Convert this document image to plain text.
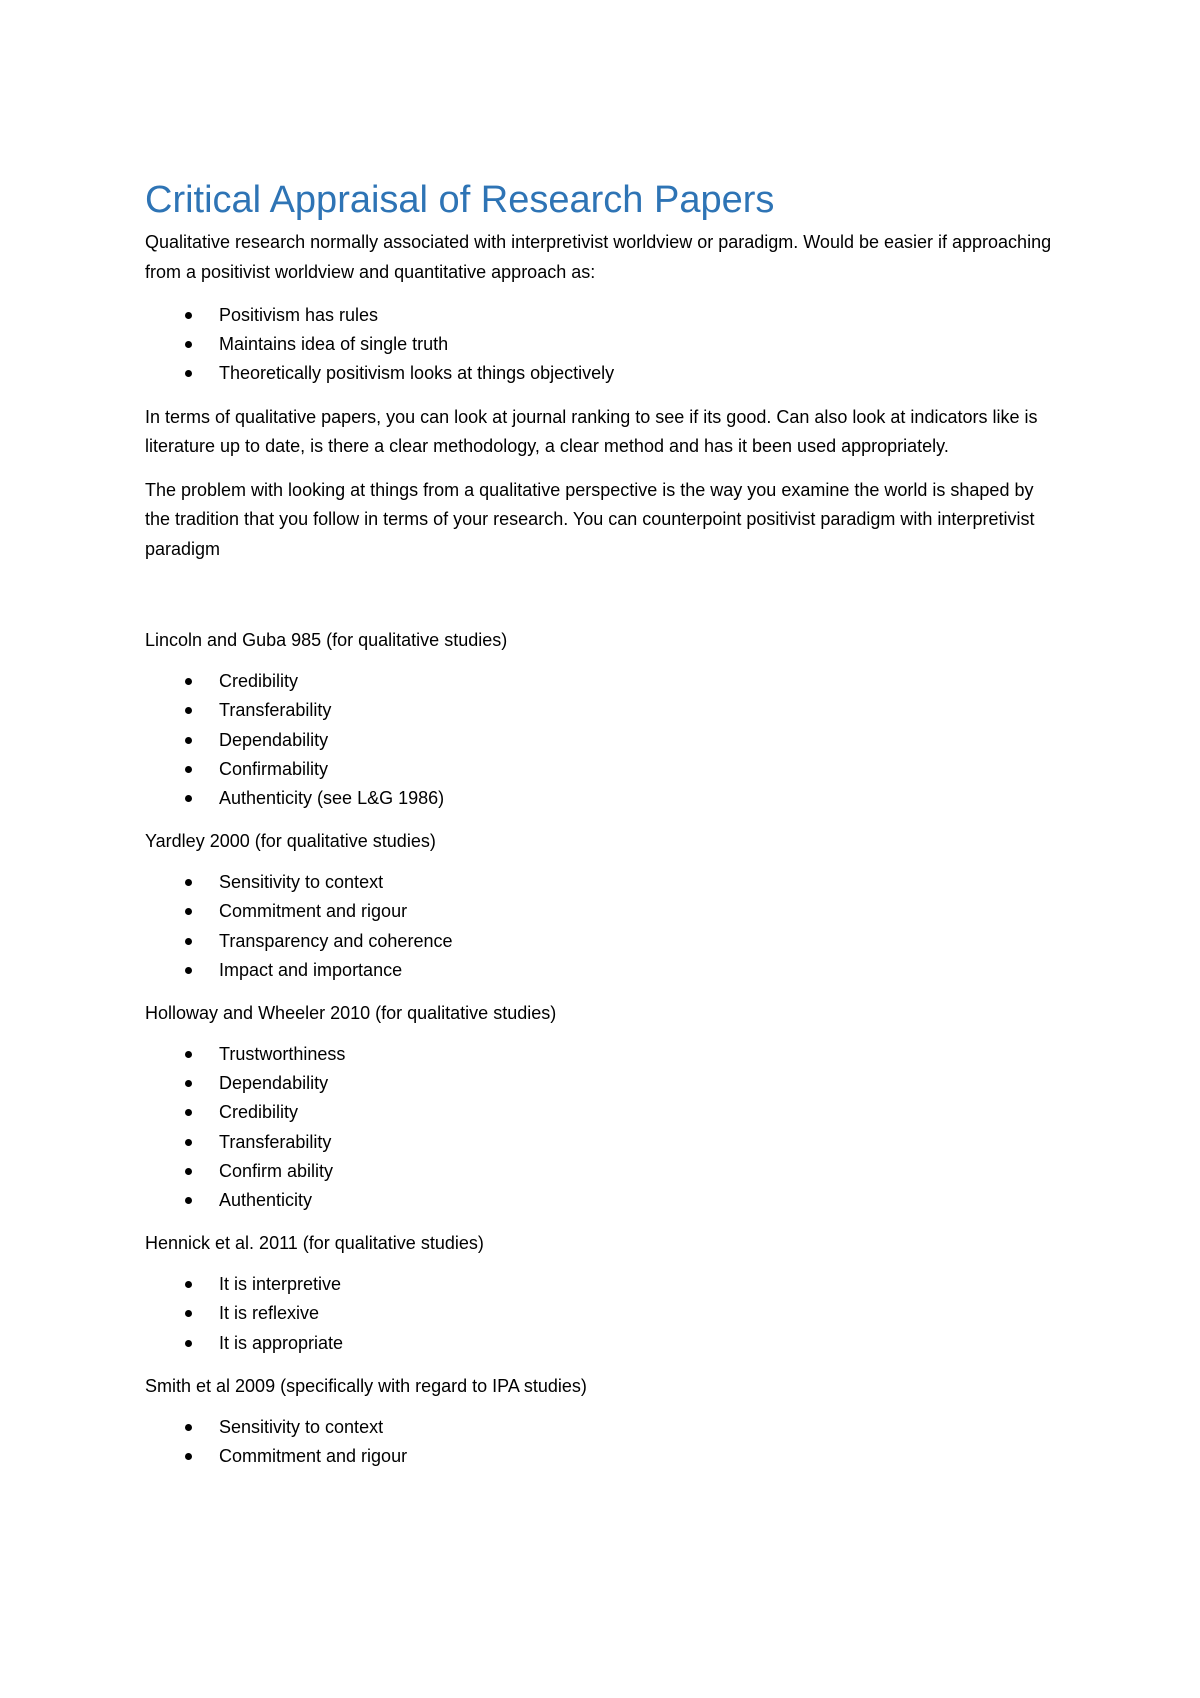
Critical Appraisal of Research Papers

Qualitative research normally associated with interpretivist worldview or paradigm. Would be easier if approaching from a positivist worldview and quantitative approach as:

Positivism has rules
Maintains idea of single truth
Theoretically positivism looks at things objectively

In terms of qualitative papers, you can look at journal ranking to see if its good. Can also look at indicators like is literature up to date, is there a clear methodology, a clear method and has it been used appropriately.

The problem with looking at things from a qualitative perspective is the way you examine the world is shaped by the tradition that you follow in terms of your research. You can counterpoint positivist paradigm with interpretivist paradigm

Lincoln and Guba 985 (for qualitative studies)

Credibility
Transferability
Dependability
Confirmability
Authenticity (see L&G 1986)

Yardley 2000 (for qualitative studies)

Sensitivity to context
Commitment and rigour
Transparency and coherence
Impact and importance

Holloway and Wheeler 2010 (for qualitative studies)

Trustworthiness
Dependability
Credibility
Transferability
Confirm ability
Authenticity

Hennick et al. 2011 (for qualitative studies)

It is interpretive
It is reflexive
It is appropriate

Smith et al 2009 (specifically with regard to IPA studies)

Sensitivity to context
Commitment and rigour
